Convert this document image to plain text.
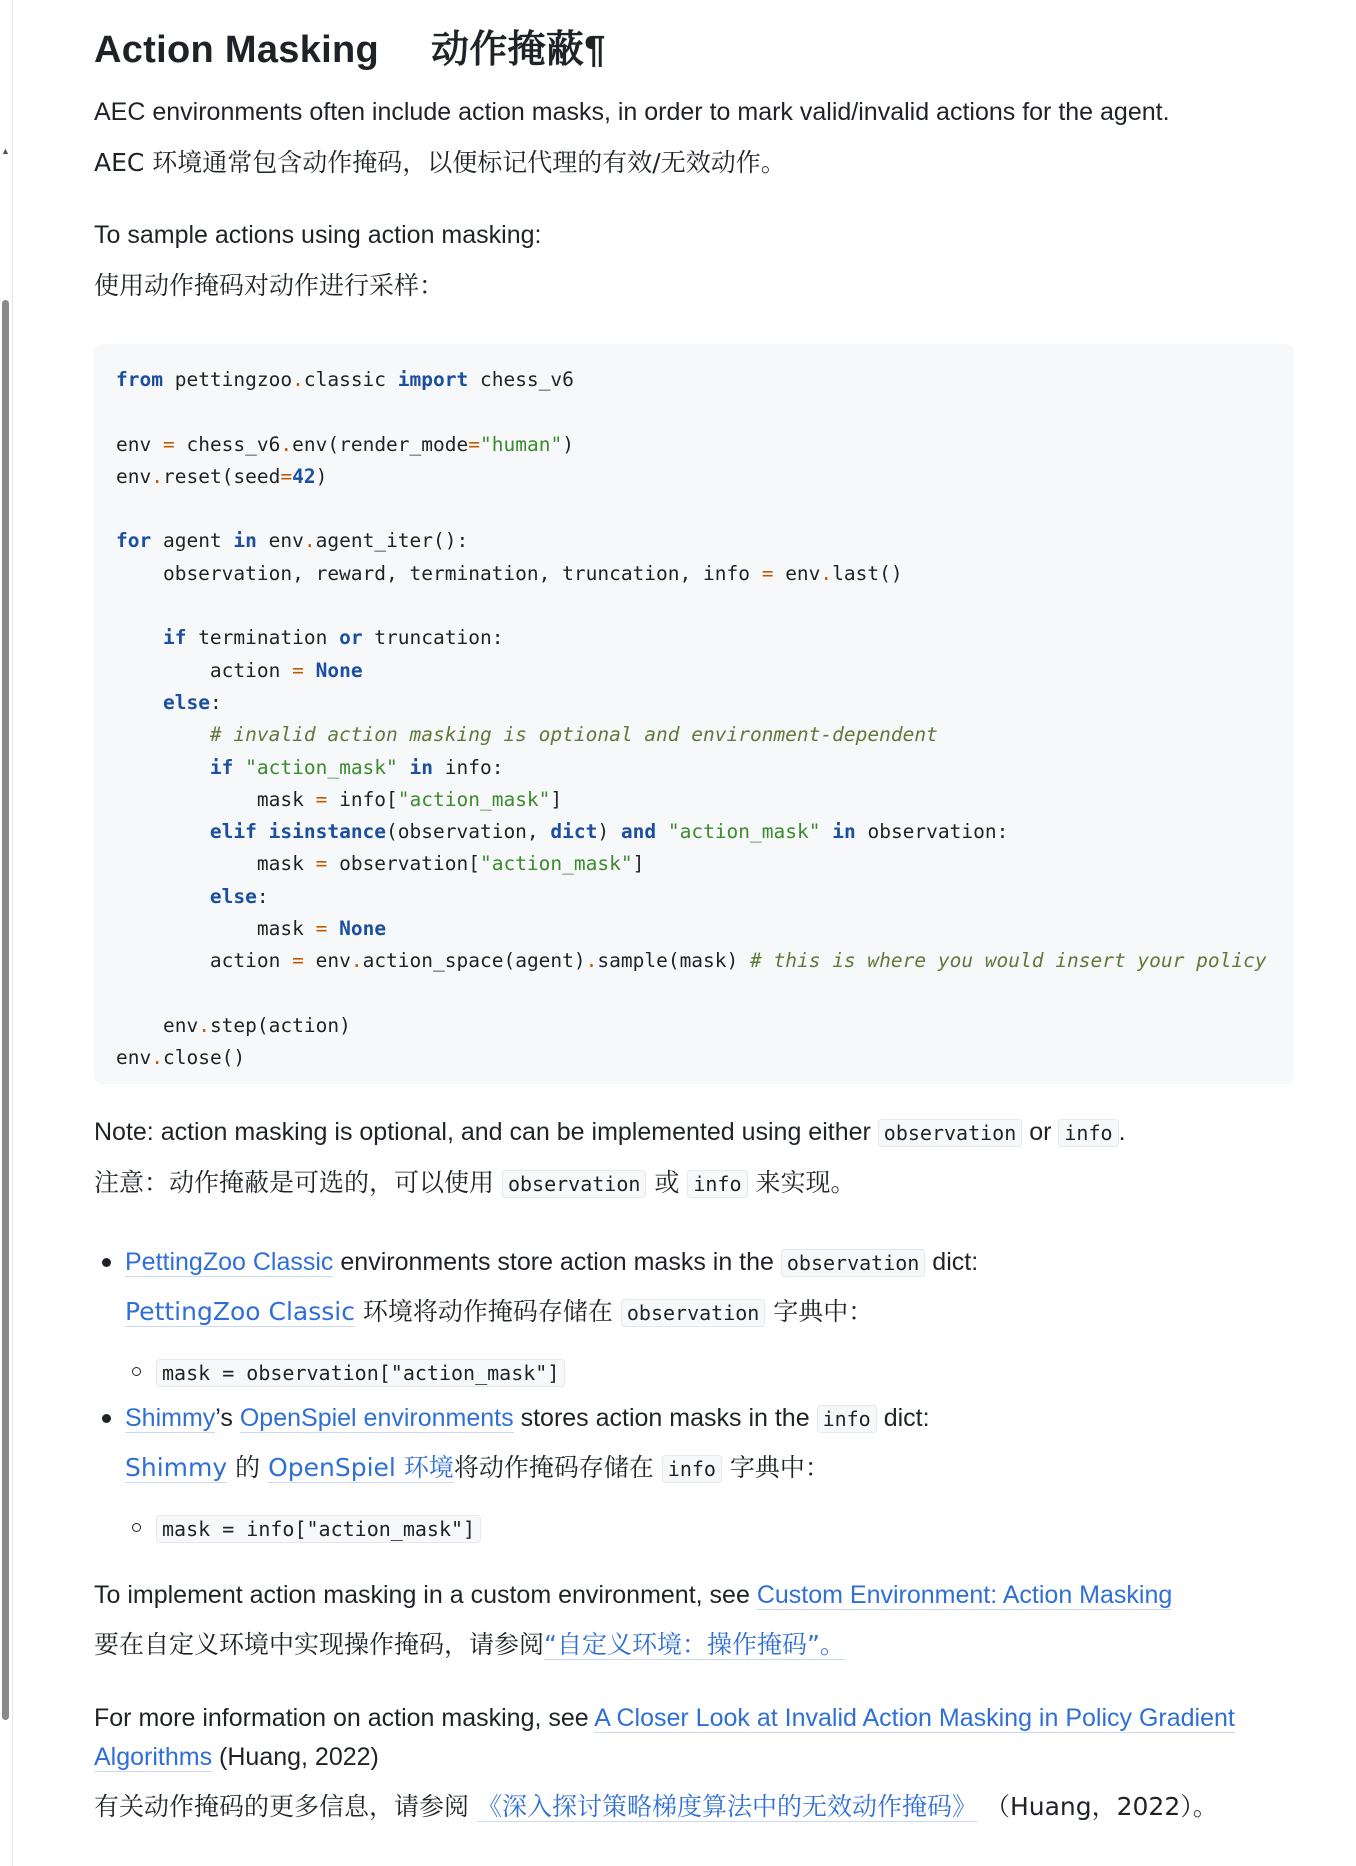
▲
Action Masking 动作掩蔽¶
AEC environments often include action masks, in order to mark valid/invalid actions for the agent.
AEC 环境通常包含动作掩码，以便标记代理的有效/无效动作。
To sample actions using action masking:
使用动作掩码对动作进行采样：
from pettingzoo.classic import chess_v6

env = chess_v6.env(render_mode="human")
env.reset(seed=42)

for agent in env.agent_iter():
observation, reward, termination, truncation, info = env.last()

if termination or truncation:
action = None
else:
# invalid action masking is optional and environment-dependent
if "action_mask" in info:
mask = info["action_mask"]
elif isinstance(observation, dict) and "action_mask" in observation:
mask = observation["action_mask"]
else:
mask = None
action = env.action_space(agent).sample(mask) # this is where you would insert your policy

env.step(action)
env.close()
Note: action masking is optional, and can be implemented using either observation or info .
注意：动作掩蔽是可选的，可以使用 observation 或 info 来实现。
PettingZoo Classic environments store action masks in the observation dict:
PettingZoo Classic 环境将动作掩码存储在 observation 字典中：
mask = observation["action_mask"]
Shimmy’s OpenSpiel environments stores action masks in the info dict:
Shimmy 的 OpenSpiel 环境将动作掩码存储在 info 字典中：
mask = info["action_mask"]
To implement action masking in a custom environment, see Custom Environment: Action Masking
要在自定义环境中实现操作掩码，请参阅“自定义环境：操作掩码”。
For more information on action masking, see A Closer Look at Invalid Action Masking in Policy Gradient
Algorithms (Huang, 2022)
有关动作掩码的更多信息，请参阅 《深入探讨策略梯度算法中的无效动作掩码》 （Huang，2022）。
